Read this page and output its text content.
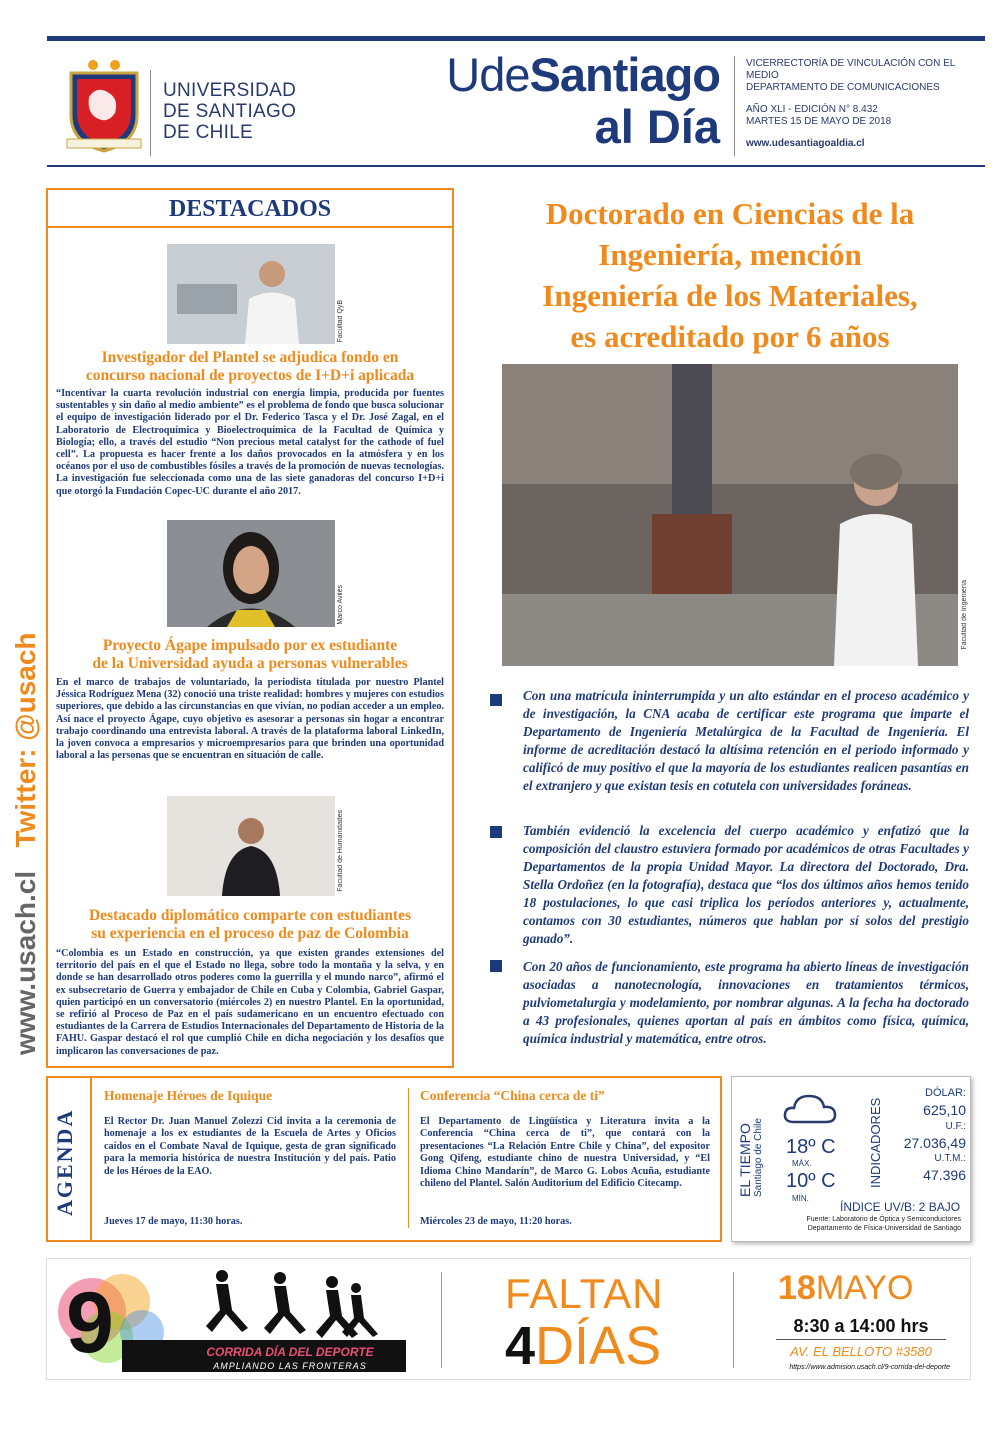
UNIVERSIDAD
DE SANTIAGO
DE CHILE
UdeSantiago
al Día
VICERRECTORÍA DE VINCULACIÓN CON EL MEDIO
DEPARTAMENTO DE COMUNICACIONES
AÑO XLI - EDICIÓN N° 8.432
MARTES 15 DE MAYO DE 2018
www.udesantiagoaldia.cl
www.usach.cl   Twitter: @usach
DESTACADOS
Facultad QyB
Investigador del Plantel se adjudica fondo en
concurso nacional de proyectos de I+D+i aplicada
“Incentivar la cuarta revolución industrial con energía limpia, producida por fuentes sustentables y sin daño al medio ambiente” es el problema de fondo que busca solucionar el equipo de investigación liderado por el Dr. Federico Tasca y el Dr. José Zagal, en el Laboratorio de Electroquímica y Bioelectroquímica de la Facultad de Química y Biología; ello, a través del estudio “Non precious metal catalyst for the cathode of fuel cell”. La propuesta es hacer frente a los daños provocados en la atmósfera y en los océanos por el uso de combustibles fósiles a través de la promoción de nuevas tecnologías. La investigación fue seleccionada como una de las siete ganadoras del concurso I+D+i que otorgó la Fundación Copec-UC durante el año 2017.
Marco Avilés
Proyecto Ágape impulsado por ex estudiante
de la Universidad ayuda a personas vulnerables
En el marco de trabajos de voluntariado, la periodista titulada por nuestro Plantel Jéssica Rodríguez Mena (32) conoció una triste realidad: hombres y mujeres con estudios superiores, que debido a las circunstancias en que vivían, no podían acceder a un empleo. Así nace el proyecto Ágape, cuyo objetivo es asesorar a personas sin hogar a encontrar trabajo coordinando una entrevista laboral. A través de la plataforma laboral LinkedIn, la joven convoca a empresarios y microempresarios para que brinden una oportunidad laboral a las personas que se encuentran en situación de calle.
Facultad de Humanidades
Destacado diplomático comparte con estudiantes
su experiencia en el proceso de paz de Colombia
“Colombia es un Estado en construcción, ya que existen grandes extensiones del territorio del país en el que el Estado no llega, sobre todo la montaña y la selva, y en donde se han desarrollado otros poderes como la guerrilla y el mundo narco”, afirmó el ex subsecretario de Guerra y embajador de Chile en Cuba y Colombia, Gabriel Gaspar, quien participó en un conversatorio (miércoles 2) en nuestro Plantel. En la oportunidad, se refirió al Proceso de Paz en el país sudamericano en un encuentro efectuado con estudiantes de la Carrera de Estudios Internacionales del Departamento de Historia de la FAHU. Gaspar destacó el rol que cumplió Chile en dicha negociación y los desafíos que implicaron las conversaciones de paz.
Doctorado en Ciencias de la
Ingeniería, mención
Ingeniería de los Materiales,
es acreditado por 6 años
Facultad de Ingeniería
Con una matrícula ininterrumpida y un alto estándar en el proceso académico y de investigación, la CNA acaba de certificar este programa que imparte el Departamento de Ingeniería Metalúrgica de la Facultad de Ingeniería. El informe de acreditación destacó la altísima retención en el periodo informado y calificó de muy positivo el que la mayoría de los estudiantes realicen pasantías en el extranjero y que existan tesis en cotutela con universidades foráneas.
También evidenció la excelencia del cuerpo académico y enfatizó que la composición del claustro estuviera formado por académicos de otras Facultades y Departamentos de la propia Unidad Mayor. La directora del Doctorado, Dra. Stella Ordoñez (en la fotografía), destaca que “los dos últimos años hemos tenido 18 postulaciones, lo que casi triplica los períodos anteriores y, actualmente, contamos con 30 estudiantes, números que hablan por sí solos del prestigio ganado”.
Con 20 años de funcionamiento, este programa ha abierto líneas de investigación asociadas a nanotecnología, innovaciones en tratamientos térmicos, pulviometalurgia y modelamiento, por nombrar algunas. A la fecha ha doctorado a 43 profesionales, quienes aportan al país en ámbitos como física, química, química industrial y matemática, entre otros.
AGENDA
Homenaje Héroes de Iquique
El Rector Dr. Juan Manuel Zolezzi Cid invita a la ceremonia de homenaje a los ex estudiantes de la Escuela de Artes y Oficios caídos en el Combate Naval de Iquique, gesta de gran significado para la memoria histórica de nuestra Institución y del país. Patio de los Héroes de la EAO.
Jueves 17 de mayo, 11:30 horas.
Conferencia “China cerca de ti”
El Departamento de Lingüística y Literatura invita a la Conferencia “China cerca de ti”, que contará con la presentaciones “La Relación Entre Chile y China”, del expositor Gong Qifeng, estudiante chino de nuestra Universidad, y “El Idioma Chino Mandarín”, de Marco G. Lobos Acuña, estudiante chileno del Plantel. Salón Auditorium del Edificio Citecamp.
Miércoles 23 de mayo, 11:20 horas.
EL TIEMPO Santiago de Chile 18º C
MÁX.
10º C
MÍN.
INDICADORES
DÓLAR:
625,10
U.F.:
27.036,49
U.T.M.:
47.396
ÍNDICE UV/B: 2 BAJO
Fuente: Laboratorio de Óptica y Semiconductores
Departamento de Física-Universidad de Santiago
9	CORRIDA DÍA DEL DEPORTE
AMPLIANDO LAS FRONTERAS
FALTAN
4DÍAS
18MAYO
8:30 a 14:00 hrs
AV. EL BELLOTO #3580
https://www.admision.usach.cl/9-corrida-del-deporte
